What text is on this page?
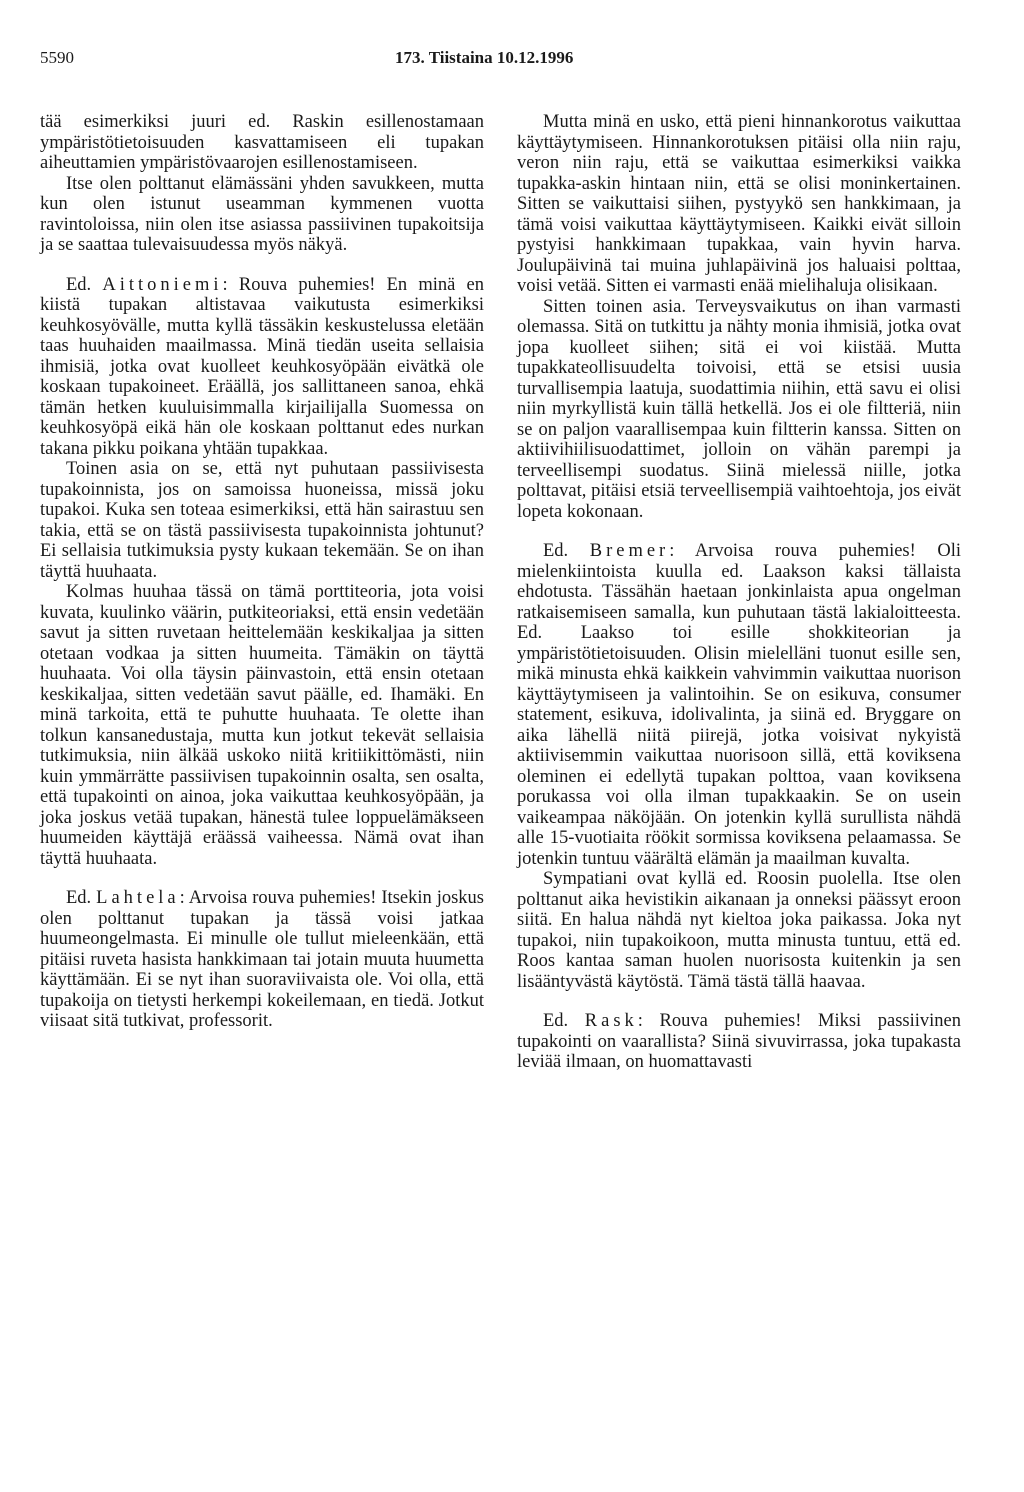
5590	173. Tiistaina 10.12.1996

tää esimerkiksi juuri ed. Raskin esillenostamaan ympäristötietoisuuden kasvattamiseen eli tupakan aiheuttamien ympäristövaarojen esillenostamiseen.

Itse olen polttanut elämässäni yhden savukkeen, mutta kun olen istunut useamman kymmenen vuotta ravintoloissa, niin olen itse asiassa passiivinen tupakoitsija ja se saattaa tulevaisuudessa myös näkyä.

Ed. Aittoniemi: Rouva puhemies! En minä en kiistä tupakan altistavaa vaikutusta esimerkiksi keuhkosyövälle, mutta kyllä tässäkin keskustelussa eletään taas huuhaiden maailmassa. Minä tiedän useita sellaisia ihmisiä, jotka ovat kuolleet keuhkosyöpään eivätkä ole koskaan tupakoineet. Eräällä, jos sallittaneen sanoa, ehkä tämän hetken kuuluisimmalla kirjailijalla Suomessa on keuhkosyöpä eikä hän ole koskaan polttanut edes nurkan takana pikku poikana yhtään tupakkaa.

Toinen asia on se, että nyt puhutaan passiivisesta tupakoinnista, jos on samoissa huoneissa, missä joku tupakoi. Kuka sen toteaa esimerkiksi, että hän sairastuu sen takia, että se on tästä passiivisesta tupakoinnista johtunut? Ei sellaisia tutkimuksia pysty kukaan tekemään. Se on ihan täyttä huuhaata.

Kolmas huuhaa tässä on tämä porttiteoria, jota voisi kuvata, kuulinko väärin, putkiteoriaksi, että ensin vedetään savut ja sitten ruvetaan heittelemään keskikaljaa ja sitten otetaan vodkaa ja sitten huumeita. Tämäkin on täyttä huuhaata. Voi olla täysin päinvastoin, että ensin otetaan keskikaljaa, sitten vedetään savut päälle, ed. Ihamäki. En minä tarkoita, että te puhutte huuhaata. Te olette ihan tolkun kansanedustaja, mutta kun jotkut tekevät sellaisia tutkimuksia, niin älkää uskoko niitä kritiikittömästi, niin kuin ymmärrätte passiivisen tupakoinnin osalta, sen osalta, että tupakointi on ainoa, joka vaikuttaa keuhkosyöpään, ja joka joskus vetää tupakan, hänestä tulee loppuelämäkseen huumeiden käyttäjä eräässä vaiheessa. Nämä ovat ihan täyttä huuhaata.

Ed. Lahtela: Arvoisa rouva puhemies! Itsekin joskus olen polttanut tupakan ja tässä voisi jatkaa huumeongelmasta. Ei minulle ole tullut mieleenkään, että pitäisi ruveta hasista hankkimaan tai jotain muuta huumetta käyttämään. Ei se nyt ihan suoraviivaista ole. Voi olla, että tupakoija on tietysti herkempi kokeilemaan, en tiedä. Jotkut viisaat sitä tutkivat, professorit.

Mutta minä en usko, että pieni hinnankorotus vaikuttaa käyttäytymiseen. Hinnankorotuksen pitäisi olla niin raju, veron niin raju, että se vaikuttaa esimerkiksi vaikka tupakka-askin hintaan niin, että se olisi moninkertainen. Sitten se vaikuttaisi siihen, pystyykö sen hankkimaan, ja tämä voisi vaikuttaa käyttäytymiseen. Kaikki eivät silloin pystyisi hankkimaan tupakkaa, vain hyvin harva. Joulupäivinä tai muina juhlapäivinä jos haluaisi polttaa, voisi vetää. Sitten ei varmasti enää mielihaluja olisikaan.

Sitten toinen asia. Terveysvaikutus on ihan varmasti olemassa. Sitä on tutkittu ja nähty monia ihmisiä, jotka ovat jopa kuolleet siihen; sitä ei voi kiistää. Mutta tupakkateollisuudelta toivoisi, että se etsisi uusia turvallisempia laatuja, suodattimia niihin, että savu ei olisi niin myrkyllistä kuin tällä hetkellä. Jos ei ole filtteriä, niin se on paljon vaarallisempaa kuin filtterin kanssa. Sitten on aktiivihiilisuodattimet, jolloin on vähän parempi ja terveellisempi suodatus. Siinä mielessä niille, jotka polttavat, pitäisi etsiä terveellisempiä vaihtoehtoja, jos eivät lopeta kokonaan.

Ed. Bremer: Arvoisa rouva puhemies! Oli mielenkiintoista kuulla ed. Laakson kaksi tällaista ehdotusta. Tässähän haetaan jonkinlaista apua ongelman ratkaisemiseen samalla, kun puhutaan tästä lakialoitteesta. Ed. Laakso toi esille shokkiteorian ja ympäristötietoisuuden. Olisin mielelläni tuonut esille sen, mikä minusta ehkä kaikkein vahvimmin vaikuttaa nuorison käyttäytymiseen ja valintoihin. Se on esikuva, consumer statement, esikuva, idolivalinta, ja siinä ed. Bryggare on aika lähellä niitä piirejä, jotka voisivat nykyistä aktiivisemmin vaikuttaa nuorisoon sillä, että koviksena oleminen ei edellytä tupakan polttoa, vaan koviksena porukassa voi olla ilman tupakkaakin. Se on usein vaikeampaa näköjään. On jotenkin kyllä surullista nähdä alle 15-vuotiaita röökit sormissa koviksena pelaamassa. Se jotenkin tuntuu väärältä elämän ja maailman kuvalta.

Sympatiani ovat kyllä ed. Roosin puolella. Itse olen polttanut aika hevistikin aikanaan ja onneksi päässyt eroon siitä. En halua nähdä nyt kieltoa joka paikassa. Joka nyt tupakoi, niin tupakoikoon, mutta minusta tuntuu, että ed. Roos kantaa saman huolen nuorisosta kuitenkin ja sen lisääntyvästä käytöstä. Tämä tästä tällä haavaa.

Ed. Rask: Rouva puhemies! Miksi passiivinen tupakointi on vaarallista? Siinä sivuvirrassa, joka tupakasta leviää ilmaan, on huomattavasti
